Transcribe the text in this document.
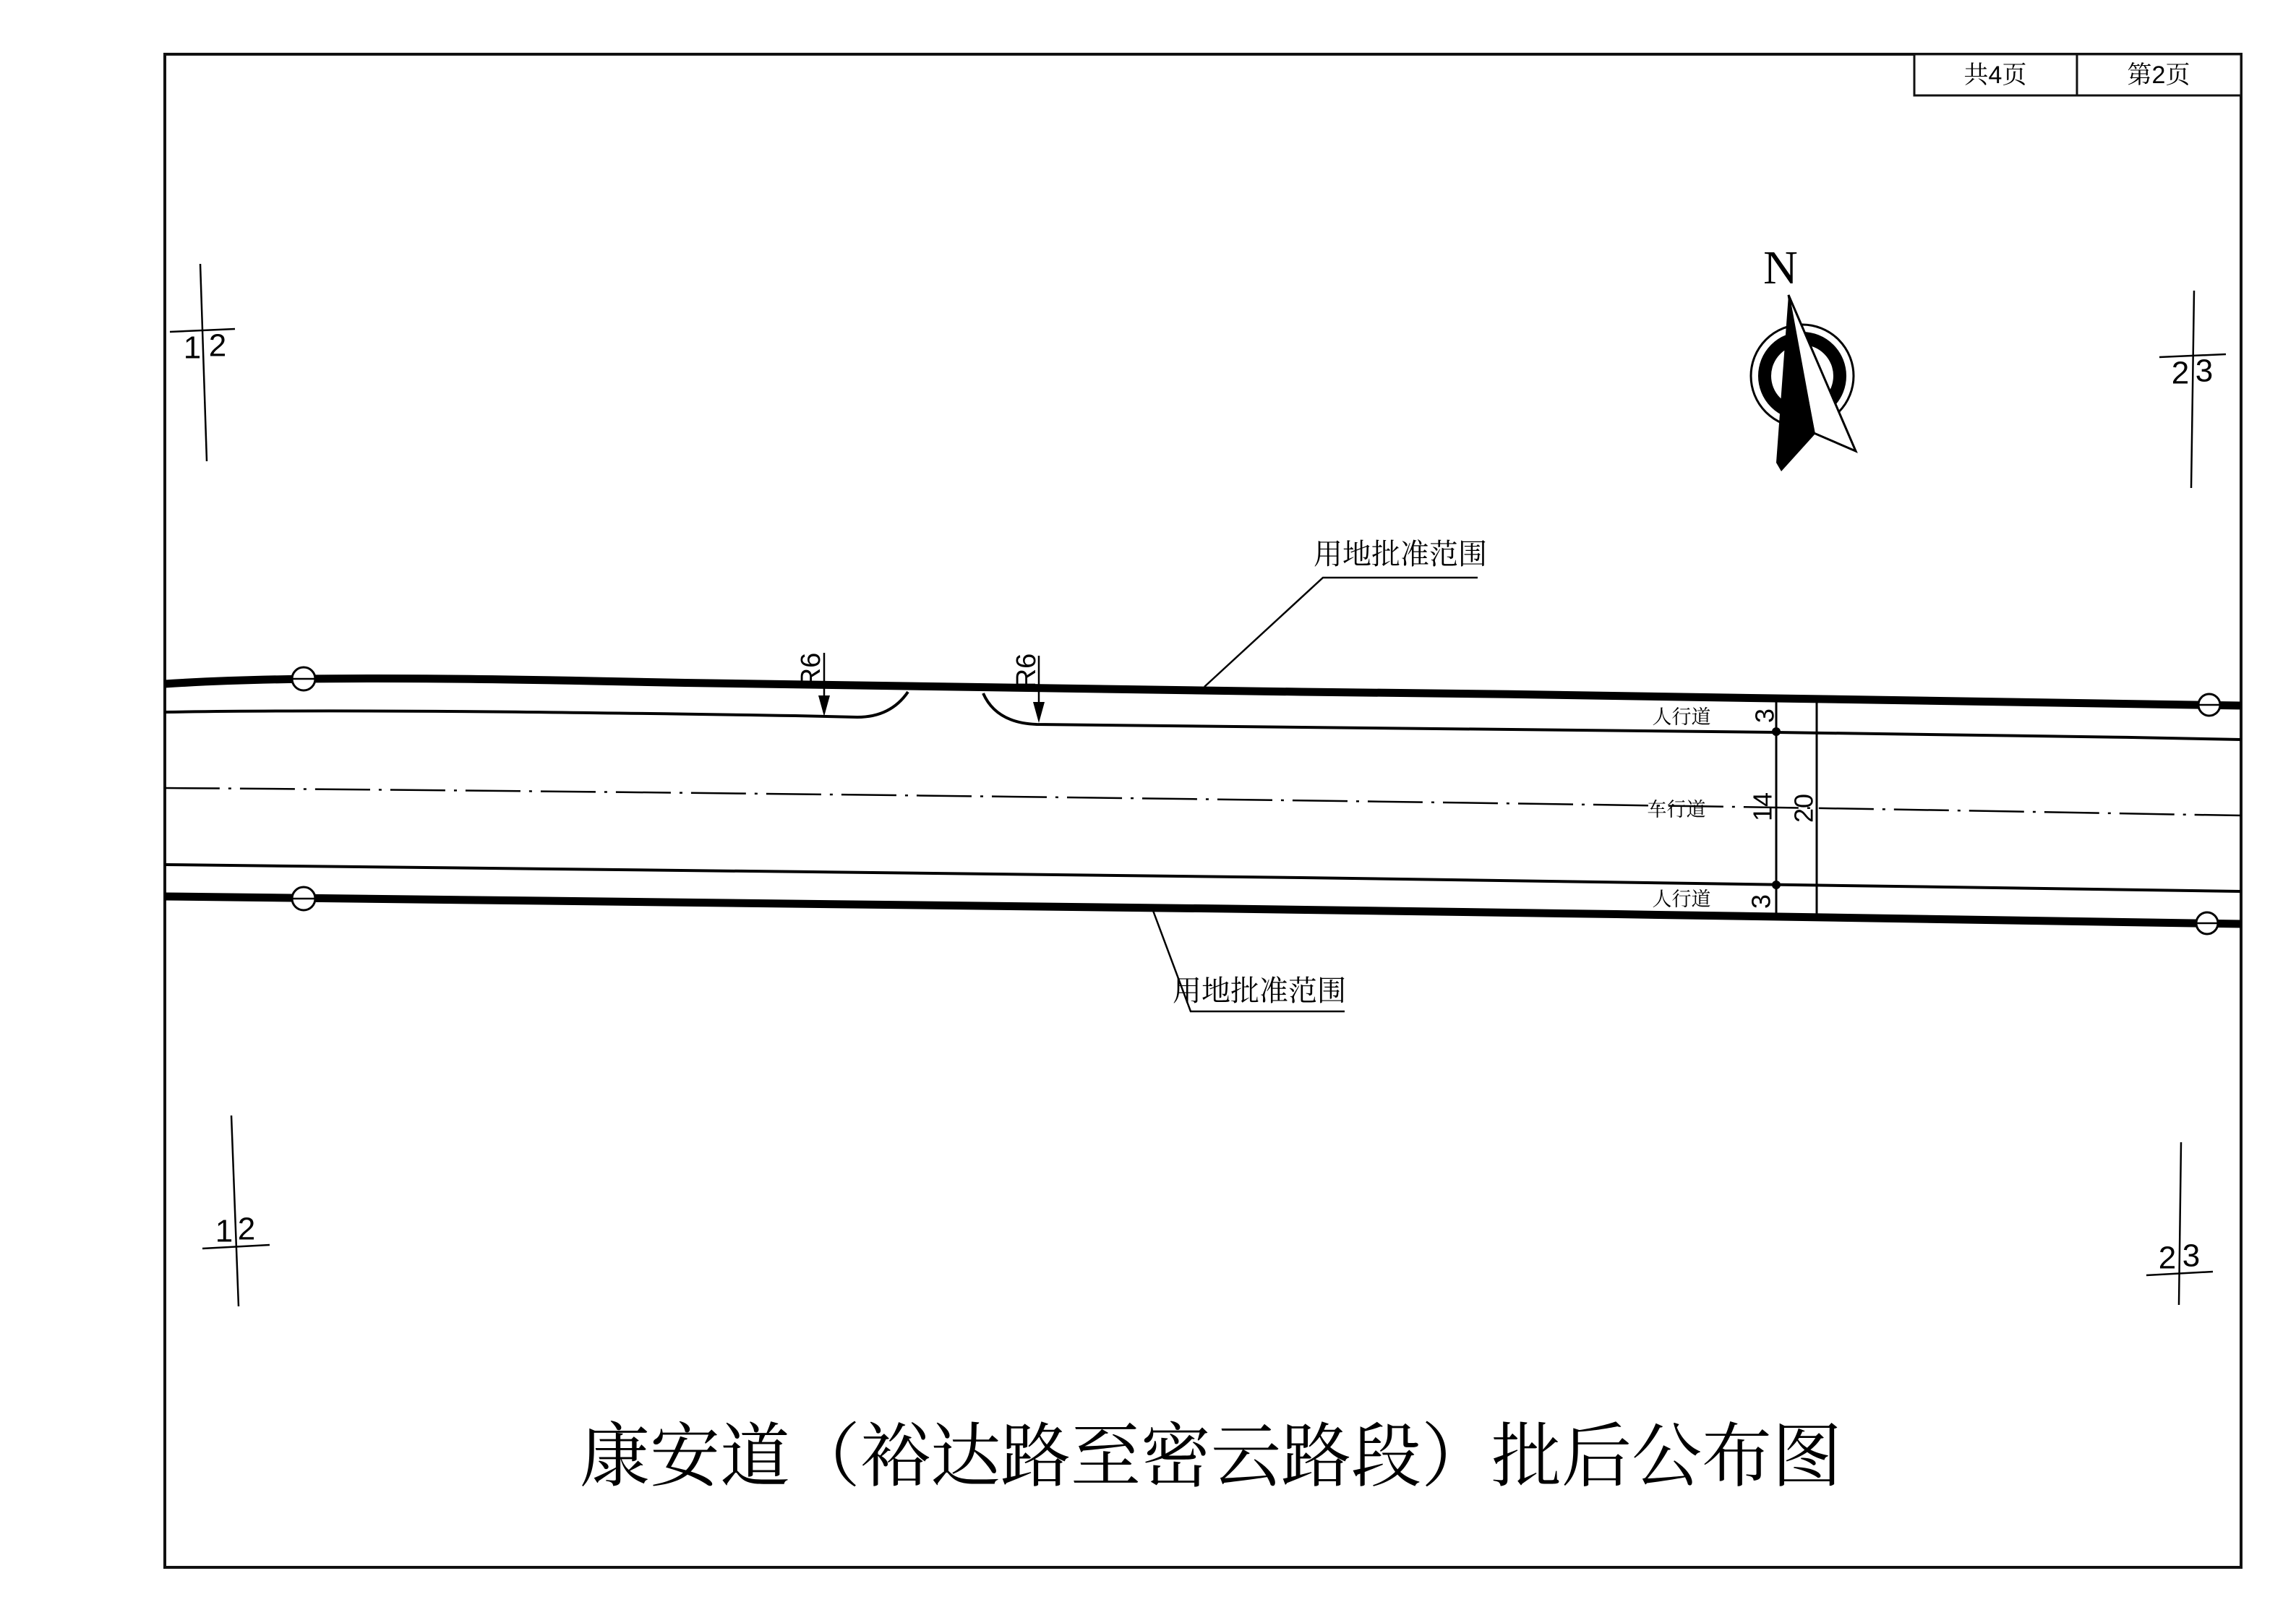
共4页	第2页
N
R6	R6
用地批准范围
用地批准范围
3
14 20
3
人行道
车行道
人行道
1 2
1 2
2 3
2 3
康安道（裕达路至密云路段）批后公布图
